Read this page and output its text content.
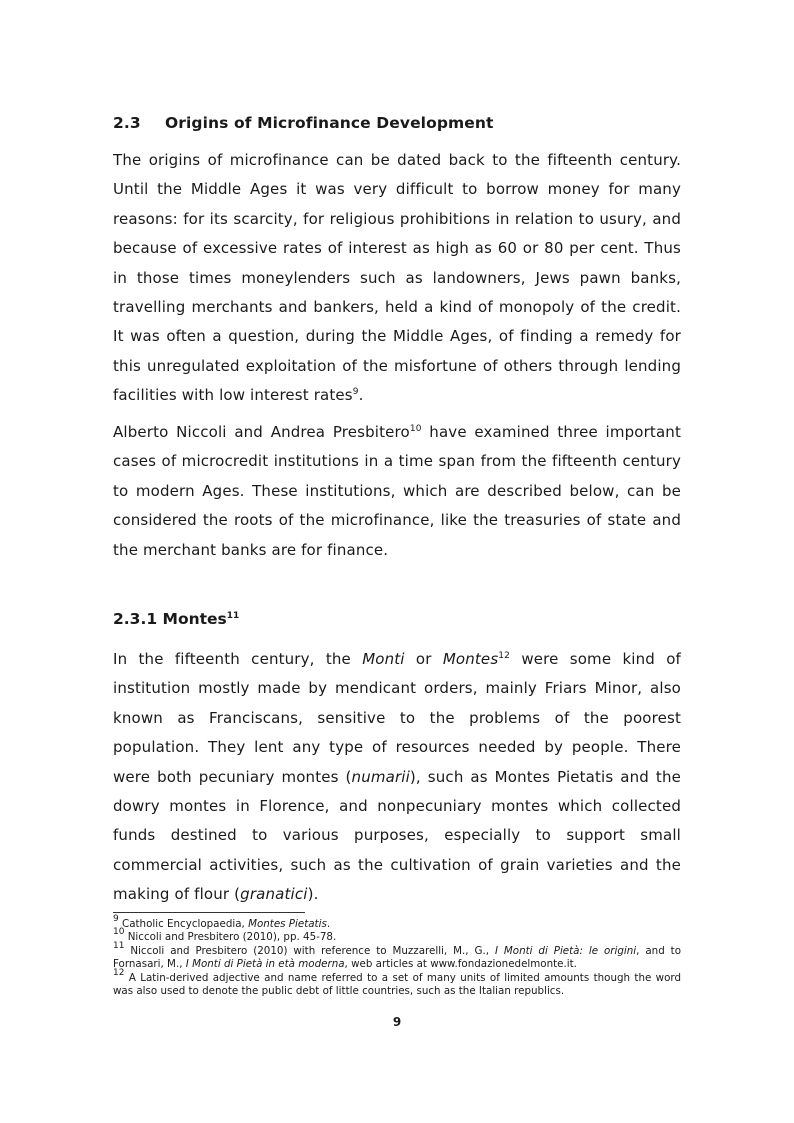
2.3 Origins of Microfinance Development

The origins of microfinance can be dated back to the fifteenth century. Until the Middle Ages it was very difficult to borrow money for many reasons: for its scarcity, for religious prohibitions in relation to usury, and because of excessive rates of interest as high as 60 or 80 per cent. Thus in those times moneylenders such as landowners, Jews pawn banks, travelling merchants and bankers, held a kind of monopoly of the credit. It was often a question, during the Middle Ages, of finding a remedy for this unregulated exploitation of the misfortune of others through lending facilities with low interest rates$^9$.

Alberto Niccoli and Andrea Presbitero$^{10}$ have examined three important cases of microcredit institutions in a time span from the fifteenth century to modern Ages. These institutions, which are described below, can be considered the roots of the microfinance, like the treasuries of state and the merchant banks are for finance.

2.3.1 Montes$^{11}$

In the fifteenth century, the Monti or Montes$^{12}$ were some kind of institution mostly made by mendicant orders, mainly Friars Minor, also known as Franciscans, sensitive to the problems of the poorest population. They lent any type of resources needed by people. There were both pecuniary montes (numarii), such as Montes Pietatis and the dowry montes in Florence, and nonpecuniary montes which collected funds destined to various purposes, especially to support small commercial activities, such as the cultivation of grain varieties and the making of flour (granatici).

$^9$ Catholic Encyclopaedia, Montes Pietatis.

$^{10}$ Niccoli and Presbitero (2010), pp. 45-78.

$^{11}$ Niccoli and Presbitero (2010) with reference to Muzzarelli, M., G., I Monti di Pietà: le origini, and to Fornasari, M., I Monti di Pietà in età moderna, web articles at www.fondazionedelmonte.it.

$^{12}$ A Latin-derived adjective and name referred to a set of many units of limited amounts though the word was also used to denote the public debt of little countries, such as the Italian republics.

9
